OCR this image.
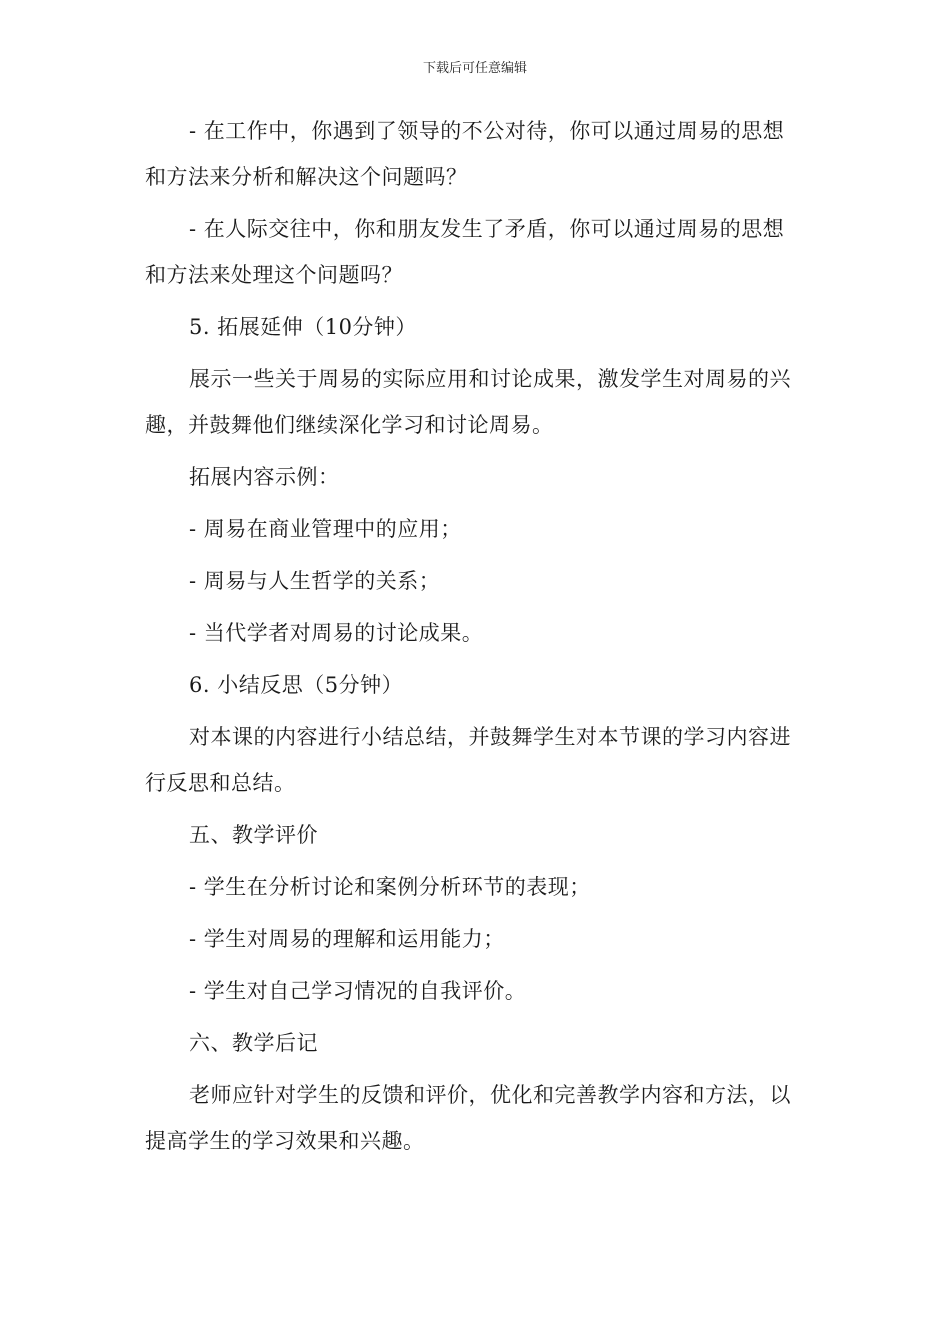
下载后可任意编辑

- 在工作中，你遇到了领导的不公对待，你可以通过周易的思想和方法来分析和解决这个问题吗？

- 在人际交往中，你和朋友发生了矛盾，你可以通过周易的思想和方法来处理这个问题吗？

5. 拓展延伸（10分钟）

展示一些关于周易的实际应用和讨论成果，激发学生对周易的兴趣，并鼓舞他们继续深化学习和讨论周易。

拓展内容示例：

- 周易在商业管理中的应用；

- 周易与人生哲学的关系；

- 当代学者对周易的讨论成果。

6. 小结反思（5分钟）

对本课的内容进行小结总结，并鼓舞学生对本节课的学习内容进行反思和总结。

五、教学评价

- 学生在分析讨论和案例分析环节的表现；

- 学生对周易的理解和运用能力；

- 学生对自己学习情况的自我评价。

六、教学后记

老师应针对学生的反馈和评价，优化和完善教学内容和方法，以提高学生的学习效果和兴趣。
